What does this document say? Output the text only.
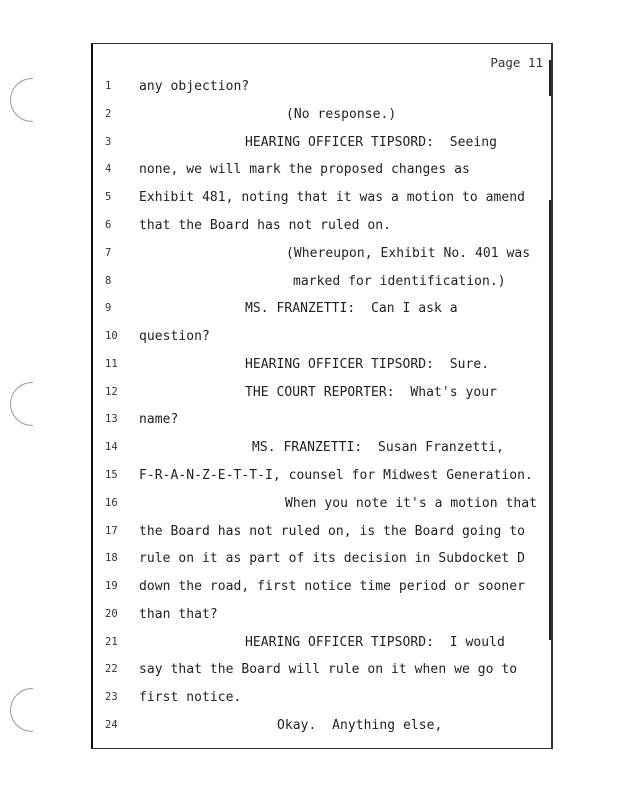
Page 11
1	any objection?
2	(No response.)
3	HEARING OFFICER TIPSORD:  Seeing
4	none, we will mark the proposed changes as
5	Exhibit 481, noting that it was a motion to amend
6	that the Board has not ruled on.
7	(Whereupon, Exhibit No. 401 was
8	marked for identification.)
9	MS. FRANZETTI:  Can I ask a
10	question?
11	HEARING OFFICER TIPSORD:  Sure.
12	THE COURT REPORTER:  What's your
13	name?
14	MS. FRANZETTI:  Susan Franzetti,
15	F-R-A-N-Z-E-T-T-I, counsel for Midwest Generation.
16	When you note it's a motion that
17	the Board has not ruled on, is the Board going to
18	rule on it as part of its decision in Subdocket D
19	down the road, first notice time period or sooner
20	than that?
21	HEARING OFFICER TIPSORD:  I would
22	say that the Board will rule on it when we go to
23	first notice.
24	Okay.  Anything else,
